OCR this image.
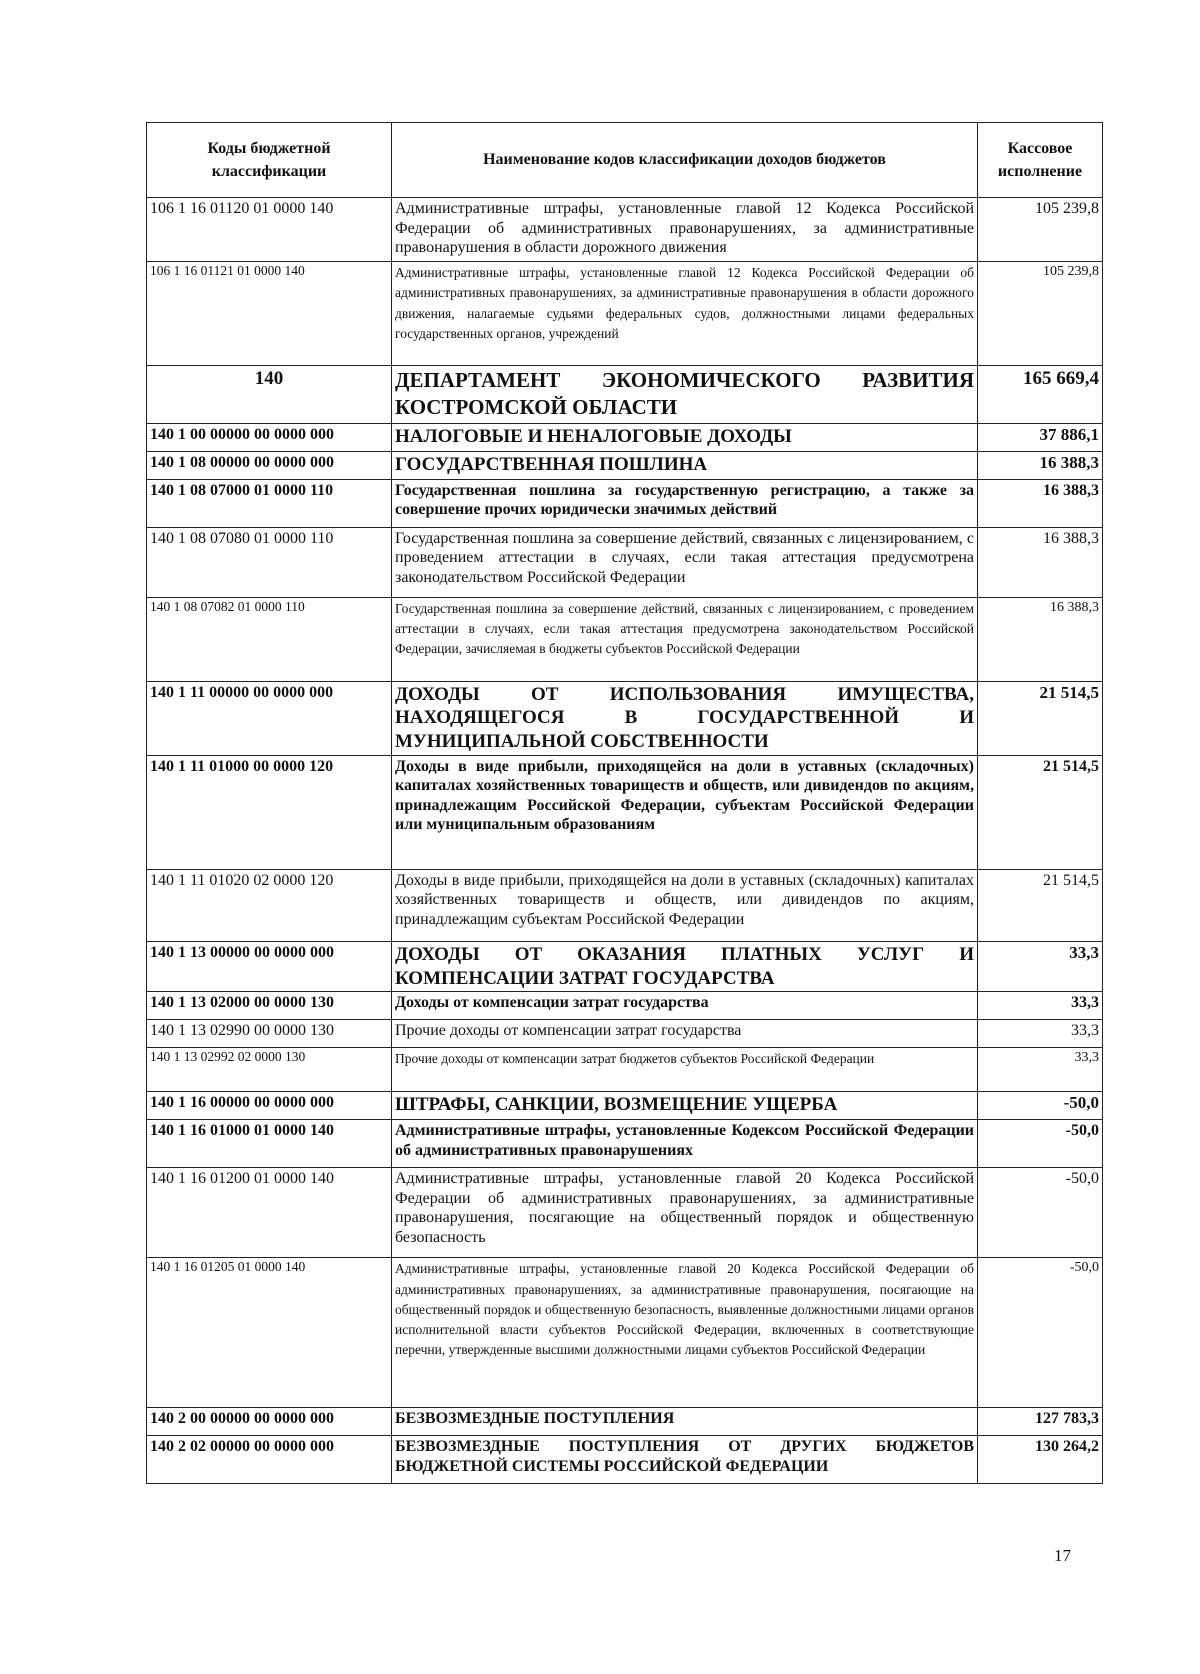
Коды бюджетной классификации	Наименование кодов классификации доходов бюджетов	Кассовое исполнение
106 1 16 01120 01 0000 140	Административные штрафы, установленные главой 12 Кодекса Российской Федерации об административных правонарушениях, за административные правонарушения в области дорожного движения	105 239,8
106 1 16 01121 01 0000 140	Административные штрафы, установленные главой 12 Кодекса Российской Федерации об административных правонарушениях, за административные правонарушения в области дорожного движения, налагаемые судьями федеральных судов, должностными лицами федеральных государственных органов, учреждений	105 239,8
140	ДЕПАРТАМЕНТ ЭКОНОМИЧЕСКОГО РАЗВИТИЯ КОСТРОМСКОЙ ОБЛАСТИ	165 669,4
140 1 00 00000 00 0000 000	НАЛОГОВЫЕ И НЕНАЛОГОВЫЕ ДОХОДЫ	37 886,1
140 1 08 00000 00 0000 000	ГОСУДАРСТВЕННАЯ ПОШЛИНА	16 388,3
140 1 08 07000 01 0000 110	Государственная пошлина за государственную регистрацию, а также за совершение прочих юридически значимых действий	16 388,3
140 1 08 07080 01 0000 110	Государственная пошлина за совершение действий, связанных с лицензированием, с проведением аттестации в случаях, если такая аттестация предусмотрена законодательством Российской Федерации	16 388,3
140 1 08 07082 01 0000 110	Государственная пошлина за совершение действий, связанных с лицензированием, с проведением аттестации в случаях, если такая аттестация предусмотрена законодательством Российской Федерации, зачисляемая в бюджеты субъектов Российской Федерации	16 388,3
140 1 11 00000 00 0000 000	ДОХОДЫ ОТ ИСПОЛЬЗОВАНИЯ ИМУЩЕСТВА, НАХОДЯЩЕГОСЯ В ГОСУДАРСТВЕННОЙ И МУНИЦИПАЛЬНОЙ СОБСТВЕННОСТИ	21 514,5
140 1 11 01000 00 0000 120	Доходы в виде прибыли, приходящейся на доли в уставных (складочных) капиталах хозяйственных товариществ и обществ, или дивидендов по акциям, принадлежащим Российской Федерации, субъектам Российской Федерации или муниципальным образованиям	21 514,5
140 1 11 01020 02 0000 120	Доходы в виде прибыли, приходящейся на доли в уставных (складочных) капиталах хозяйственных товариществ и обществ, или дивидендов по акциям, принадлежащим субъектам Российской Федерации	21 514,5
140 1 13 00000 00 0000 000	ДОХОДЫ ОТ ОКАЗАНИЯ ПЛАТНЫХ УСЛУГ И КОМПЕНСАЦИИ ЗАТРАТ ГОСУДАРСТВА	33,3
140 1 13 02000 00 0000 130	Доходы от компенсации затрат государства	33,3
140 1 13 02990 00 0000 130	Прочие доходы от компенсации затрат государства	33,3
140 1 13 02992 02 0000 130	Прочие доходы от компенсации затрат бюджетов субъектов Российской Федерации	33,3
140 1 16 00000 00 0000 000	ШТРАФЫ, САНКЦИИ, ВОЗМЕЩЕНИЕ УЩЕРБА	-50,0
140 1 16 01000 01 0000 140	Административные штрафы, установленные Кодексом Российской Федерации об административных правонарушениях	-50,0
140 1 16 01200 01 0000 140	Административные штрафы, установленные главой 20 Кодекса Российской Федерации об административных правонарушениях, за административные правонарушения, посягающие на общественный порядок и общественную безопасность	-50,0
140 1 16 01205 01 0000 140	Административные штрафы, установленные главой 20 Кодекса Российской Федерации об административных правонарушениях, за административные правонарушения, посягающие на общественный порядок и общественную безопасность, выявленные должностными лицами органов исполнительной власти субъектов Российской Федерации, включенных в соответствующие перечни, утвержденные высшими должностными лицами субъектов Российской Федерации	-50,0
140 2 00 00000 00 0000 000	БЕЗВОЗМЕЗДНЫЕ ПОСТУПЛЕНИЯ	127 783,3
140 2 02 00000 00 0000 000	БЕЗВОЗМЕЗДНЫЕ ПОСТУПЛЕНИЯ ОТ ДРУГИХ БЮДЖЕТОВ БЮДЖЕТНОЙ СИСТЕМЫ РОССИЙСКОЙ ФЕДЕРАЦИИ	130 264,2
17
